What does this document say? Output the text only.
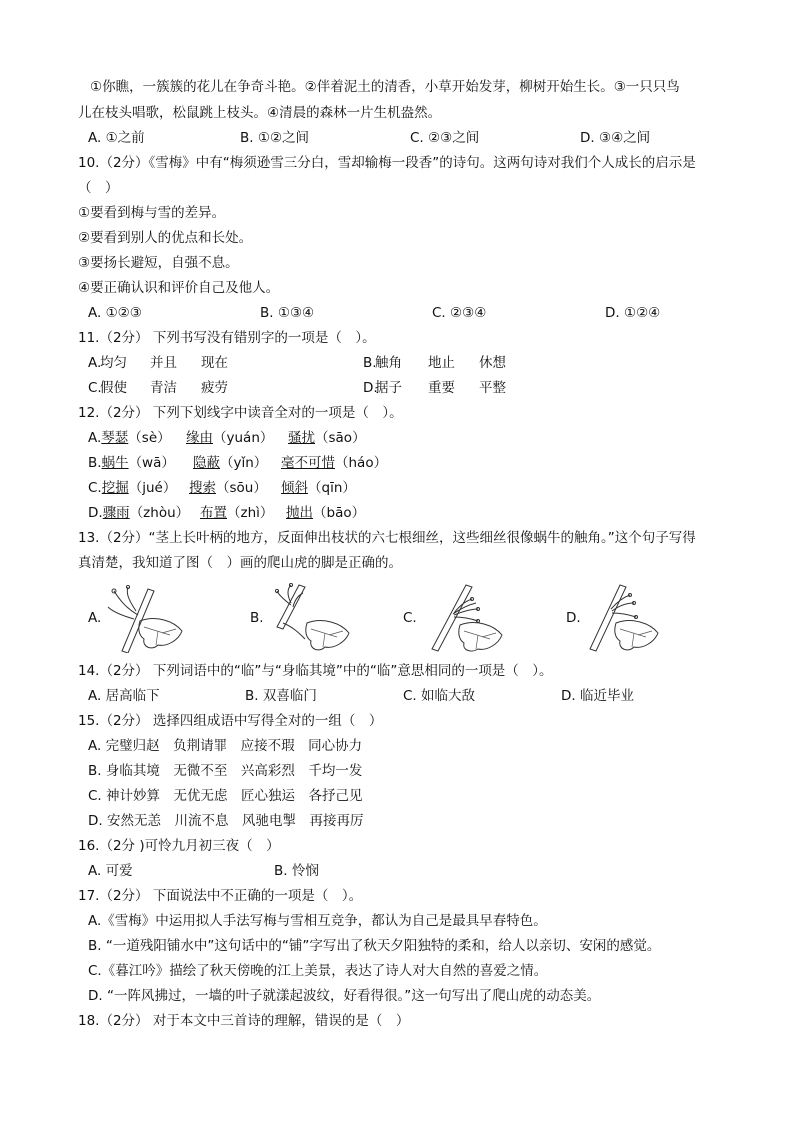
①你瞧，一簇簇的花儿在争奇斗艳。②伴着泥土的清香，小草开始发芽，柳树开始生长。③一只只鸟
儿在枝头唱歌，松鼠跳上枝头。④清晨的森林一片生机盎然。
A. ①之前	B. ①②之间	C. ②③之间	D. ③④之间
10.（2分）《雪梅》中有“梅须逊雪三分白，雪却输梅一段香”的诗句。这两句诗对我们个人成长的启示是
（　）
①要看到梅与雪的差异。
②要看到别人的优点和长处。
③要扬长避短，自强不息。
④要正确认识和评价自己及他人。
A. ①②③	B. ①③④	C. ②③④	D. ①②④
11.（2分） 下列书写没有错别字的一项是（　）。
A.
均匀 并且 现在	B.
触角 地止 休想
C.
假使 青洁 疲劳	D.
据子 重要 平整
12.（2分） 下列下划线字中读音全对的一项是（　）。
A.琴瑟（sè） 缘由（yuán） 骚扰（sāo）
B.蜗牛（wā） 隐蔽（yǐn） 毫不可惜（háo）
C.挖掘（jué） 搜索（sōu） 倾斜（qīn）
D.骤雨（zhòu） 布置（zhì） 抛出（bāo）
13.（2分）“茎上长叶柄的地方，反面伸出枝状的六七根细丝，这些细丝很像蜗牛的触角。”这个句子写得
真清楚，我知道了图（　）画的爬山虎的脚是正确的。
A.	B.	C.	D.
14.（2分） 下列词语中的“临”与“身临其境”中的“临”意思相同的一项是（　）。
A. 居高临下	B. 双喜临门	C. 如临大敌	D. 临近毕业
15.（2分） 选择四组成语中写得全对的一组（　）
A. 完璧归赵　负荆请罪　应接不瑕　同心协力
B. 身临其境　无微不至　兴高彩烈　千均一发
C. 神计妙算　无优无虑　匠心独运　各抒己见
D. 安然无恙　川流不息　风驰电掣　再接再厉
16.（2分 )可怜九月初三夜（　）
A. 可爱	B. 怜悯
17.（2分） 下面说法中不正确的一项是（　）。
A.《雪梅》中运用拟人手法写梅与雪相互竞争，都认为自己是最具早春特色。
B. “一道残阳铺水中”这句话中的“铺”字写出了秋天夕阳独特的柔和，给人以亲切、安闲的感觉。
C.《暮江吟》描绘了秋天傍晚的江上美景，表达了诗人对大自然的喜爱之情。
D. “一阵风拂过，一墙的叶子就漾起波纹，好看得很。”这一句写出了爬山虎的动态美。
18.（2分） 对于本文中三首诗的理解，错误的是（　）
